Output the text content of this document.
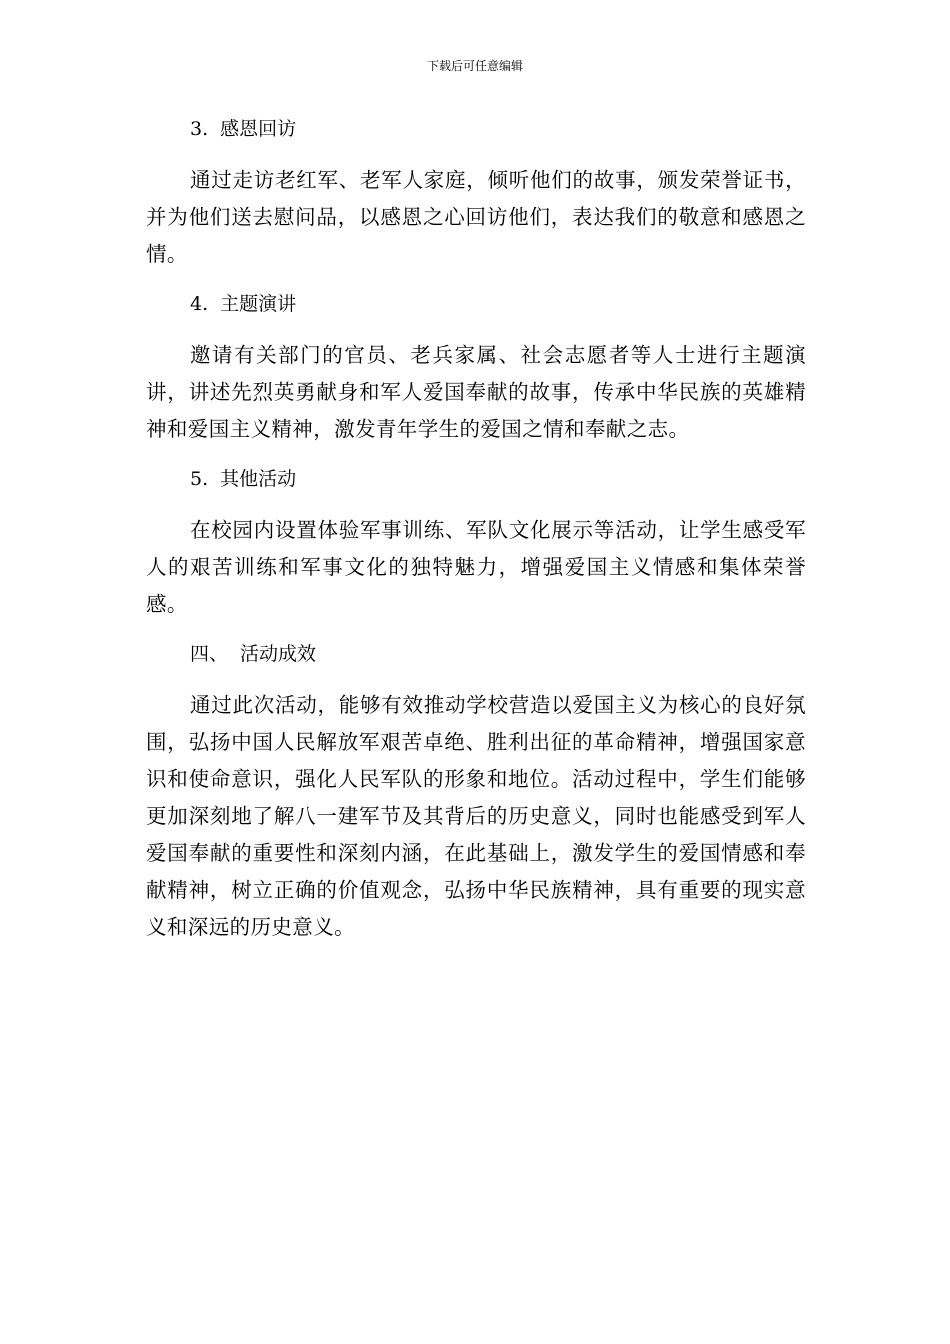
下载后可任意编辑
3. 感恩回访

通过走访老红军、老军人家庭，倾听他们的故事，颁发荣誉证书，并为他们送去慰问品，以感恩之心回访他们，表达我们的敬意和感恩之情。

4. 主题演讲

邀请有关部门的官员、老兵家属、社会志愿者等人士进行主题演讲，讲述先烈英勇献身和军人爱国奉献的故事，传承中华民族的英雄精神和爱国主义精神，激发青年学生的爱国之情和奉献之志。

5. 其他活动

在校园内设置体验军事训练、军队文化展示等活动，让学生感受军人的艰苦训练和军事文化的独特魅力，增强爱国主义情感和集体荣誉感。

四、 活动成效

通过此次活动，能够有效推动学校营造以爱国主义为核心的良好氛围，弘扬中国人民解放军艰苦卓绝、胜利出征的革命精神，增强国家意识和使命意识，强化人民军队的形象和地位。活动过程中，学生们能够更加深刻地了解八一建军节及其背后的历史意义，同时也能感受到军人爱国奉献的重要性和深刻内涵，在此基础上，激发学生的爱国情感和奉献精神，树立正确的价值观念，弘扬中华民族精神，具有重要的现实意义和深远的历史意义。
